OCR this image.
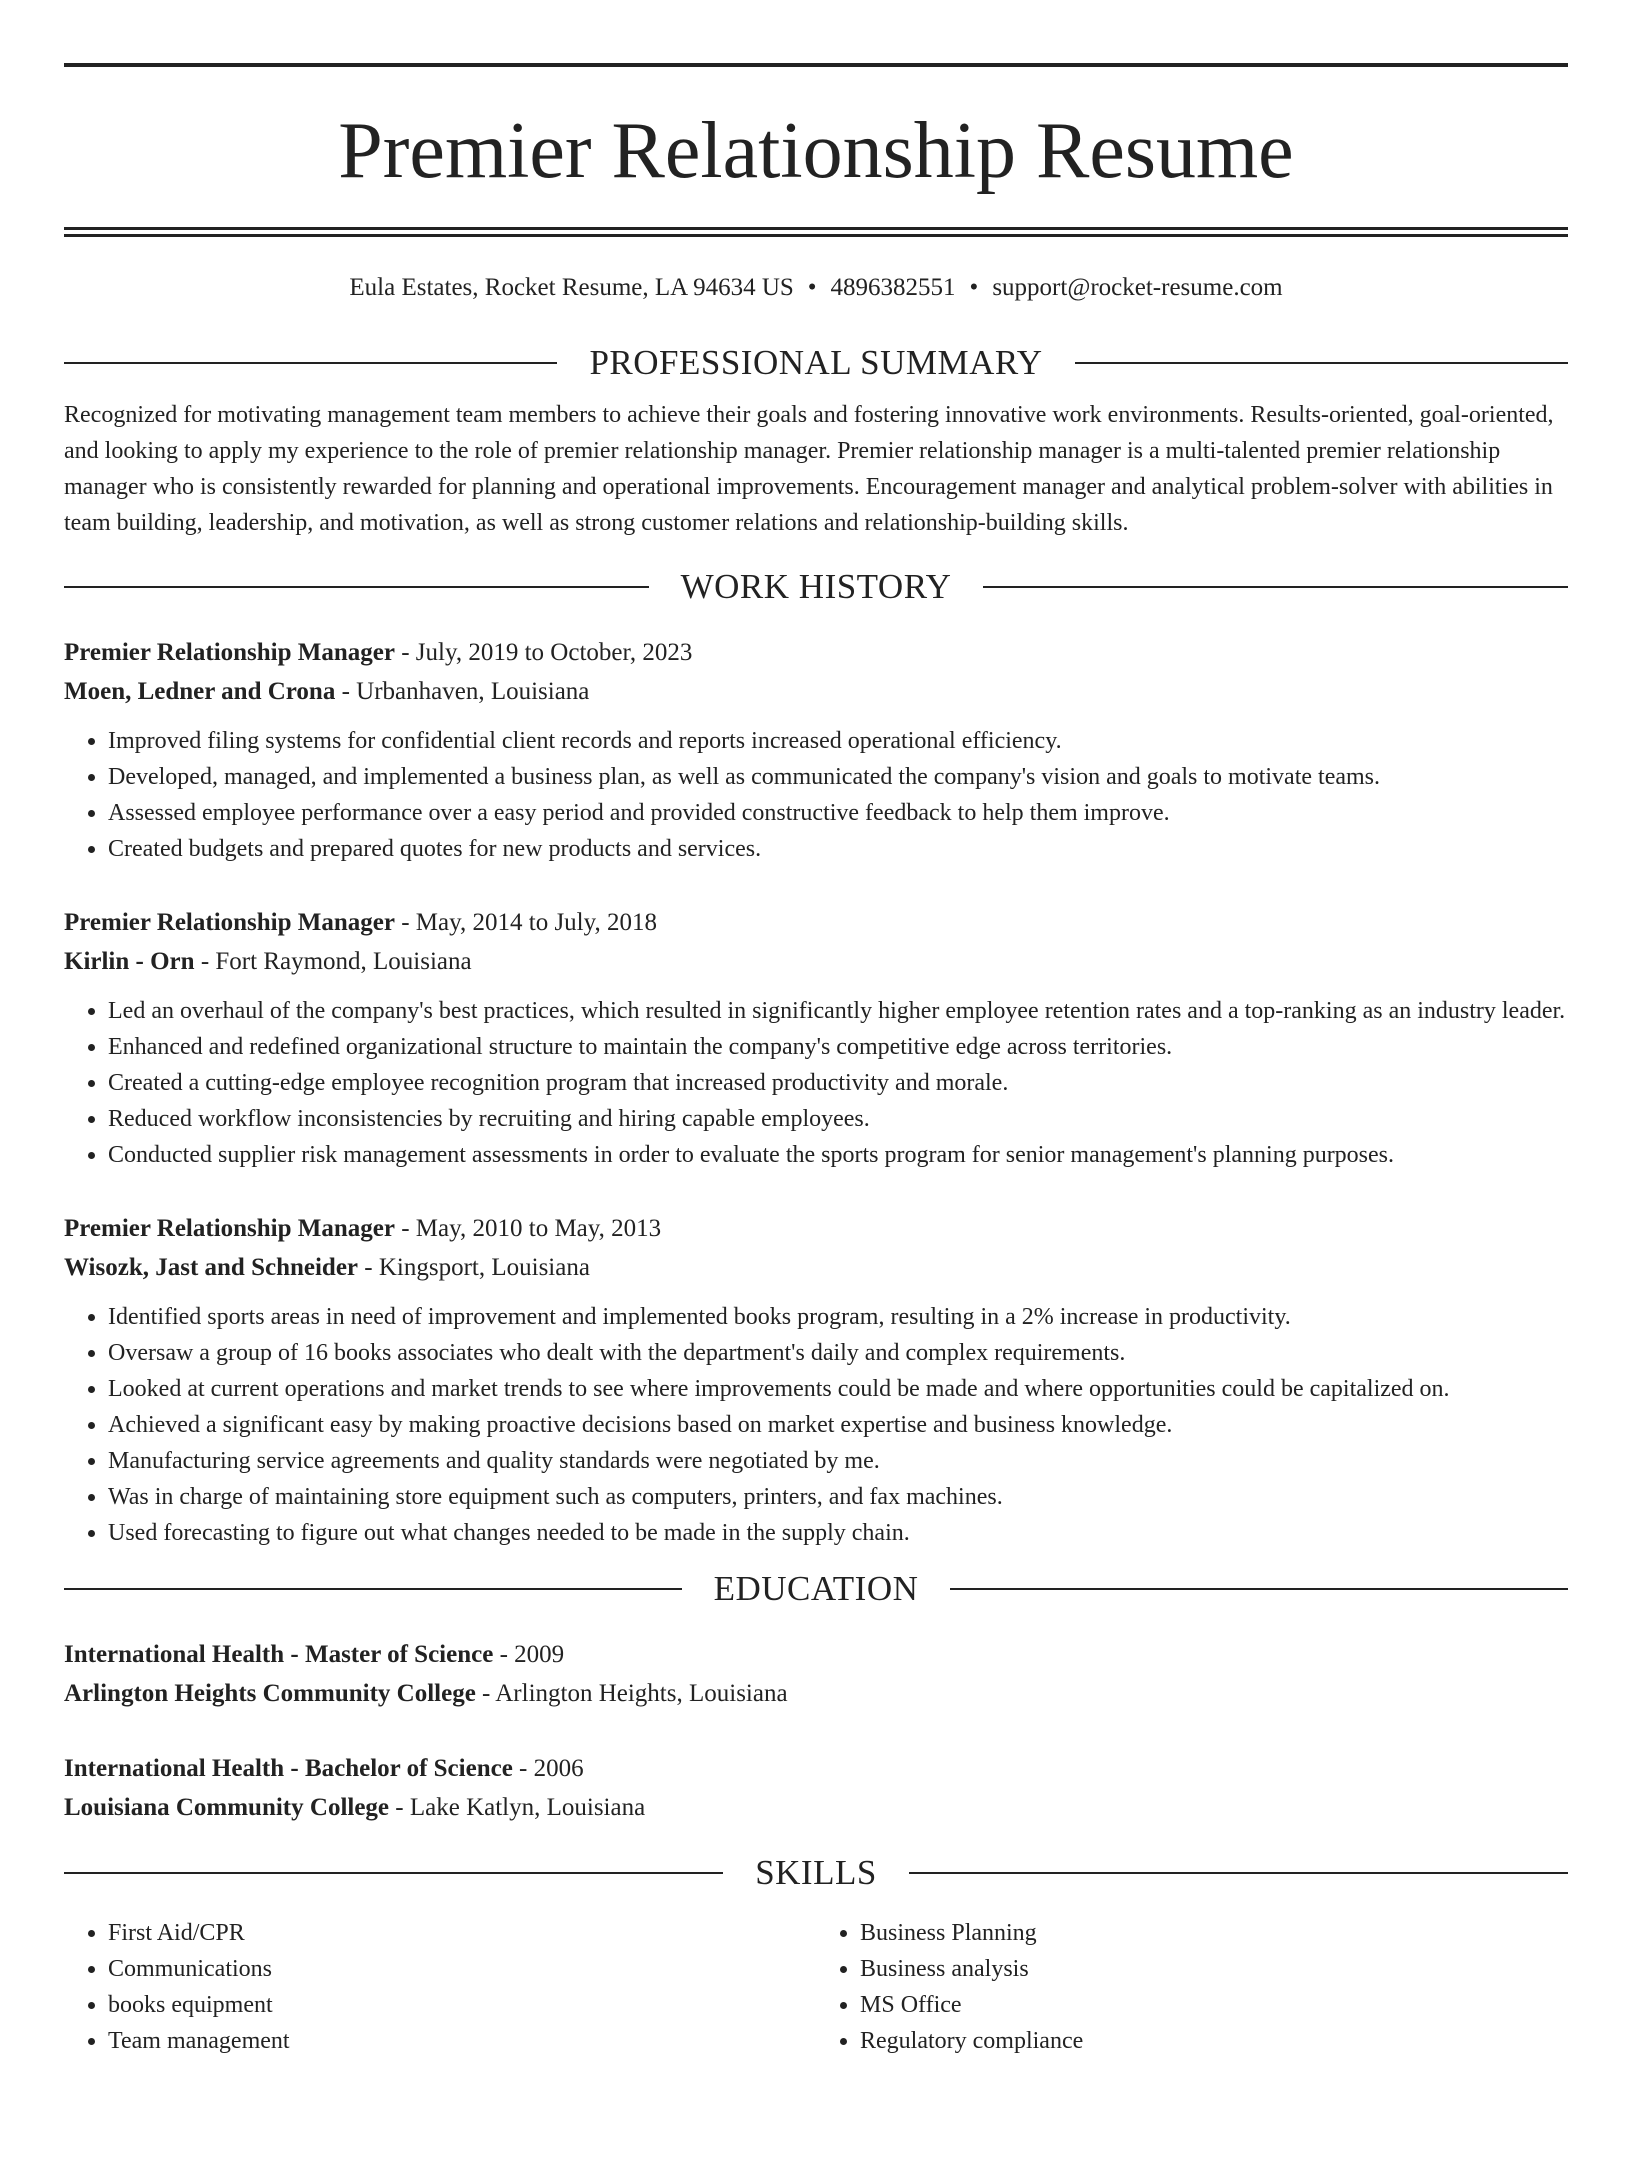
Premier Relationship Resume
Eula Estates, Rocket Resume, LA 94634 US • 4896382551 • support@rocket-resume.com
PROFESSIONAL SUMMARY
Recognized for motivating management team members to achieve their goals and fostering innovative work environments. Results-oriented, goal-oriented, and looking to apply my experience to the role of premier relationship manager. Premier relationship manager is a multi-talented premier relationship manager who is consistently rewarded for planning and operational improvements. Encouragement manager and analytical problem-solver with abilities in team building, leadership, and motivation, as well as strong customer relations and relationship-building skills.
WORK HISTORY
Premier Relationship Manager - July, 2019 to October, 2023
Moen, Ledner and Crona - Urbanhaven, Louisiana
• Improved filing systems for confidential client records and reports increased operational efficiency.
• Developed, managed, and implemented a business plan, as well as communicated the company's vision and goals to motivate teams.
• Assessed employee performance over a easy period and provided constructive feedback to help them improve.
• Created budgets and prepared quotes for new products and services.
Premier Relationship Manager - May, 2014 to July, 2018
Kirlin - Orn - Fort Raymond, Louisiana
• Led an overhaul of the company's best practices, which resulted in significantly higher employee retention rates and a top-ranking as an industry leader.
• Enhanced and redefined organizational structure to maintain the company's competitive edge across territories.
• Created a cutting-edge employee recognition program that increased productivity and morale.
• Reduced workflow inconsistencies by recruiting and hiring capable employees.
• Conducted supplier risk management assessments in order to evaluate the sports program for senior management's planning purposes.
Premier Relationship Manager - May, 2010 to May, 2013
Wisozk, Jast and Schneider - Kingsport, Louisiana
• Identified sports areas in need of improvement and implemented books program, resulting in a 2% increase in productivity.
• Oversaw a group of 16 books associates who dealt with the department's daily and complex requirements.
• Looked at current operations and market trends to see where improvements could be made and where opportunities could be capitalized on.
• Achieved a significant easy by making proactive decisions based on market expertise and business knowledge.
• Manufacturing service agreements and quality standards were negotiated by me.
• Was in charge of maintaining store equipment such as computers, printers, and fax machines.
• Used forecasting to figure out what changes needed to be made in the supply chain.
EDUCATION
International Health - Master of Science - 2009
Arlington Heights Community College - Arlington Heights, Louisiana
International Health - Bachelor of Science - 2006
Louisiana Community College - Lake Katlyn, Louisiana
SKILLS
• First Aid/CPR
• Communications
• books equipment
• Team management
• Business Planning
• Business analysis
• MS Office
• Regulatory compliance
